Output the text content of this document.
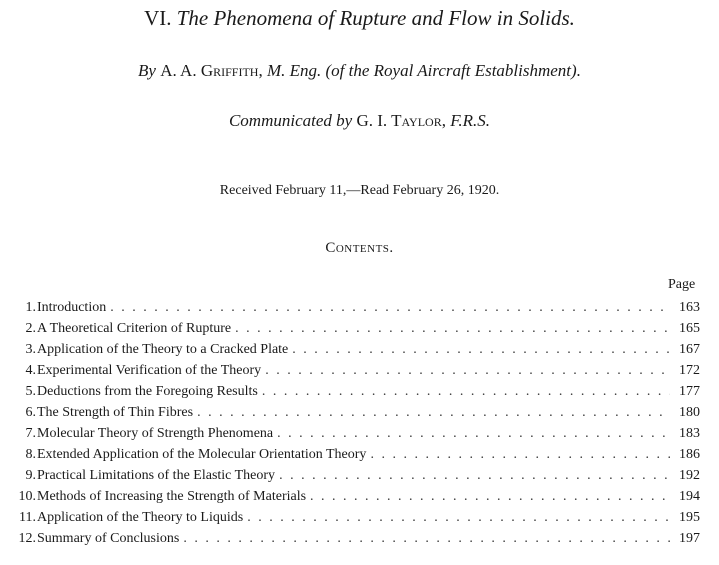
VI. The Phenomena of Rupture and Flow in Solids.
By A. A. Griffith, M. Eng. (of the Royal Aircraft Establishment).
Communicated by G. I. Taylor, F.R.S.
Received February 11,—Read February 26, 1920.
Contents.
Page
1. Introduction . . .	163
2. A Theoretical Criterion of Rupture . . .	165
3. Application of the Theory to a Cracked Plate . . .	167
4. Experimental Verification of the Theory . . .	172
5. Deductions from the Foregoing Results . . .	177
6. The Strength of Thin Fibres . . .	180
7. Molecular Theory of Strength Phenomena . . .	183
8. Extended Application of the Molecular Orientation Theory . . .	186
9. Practical Limitations of the Elastic Theory . . .	192
10. Methods of Increasing the Strength of Materials . . .	194
11. Application of the Theory to Liquids . . .	195
12. Summary of Conclusions . . .	197
